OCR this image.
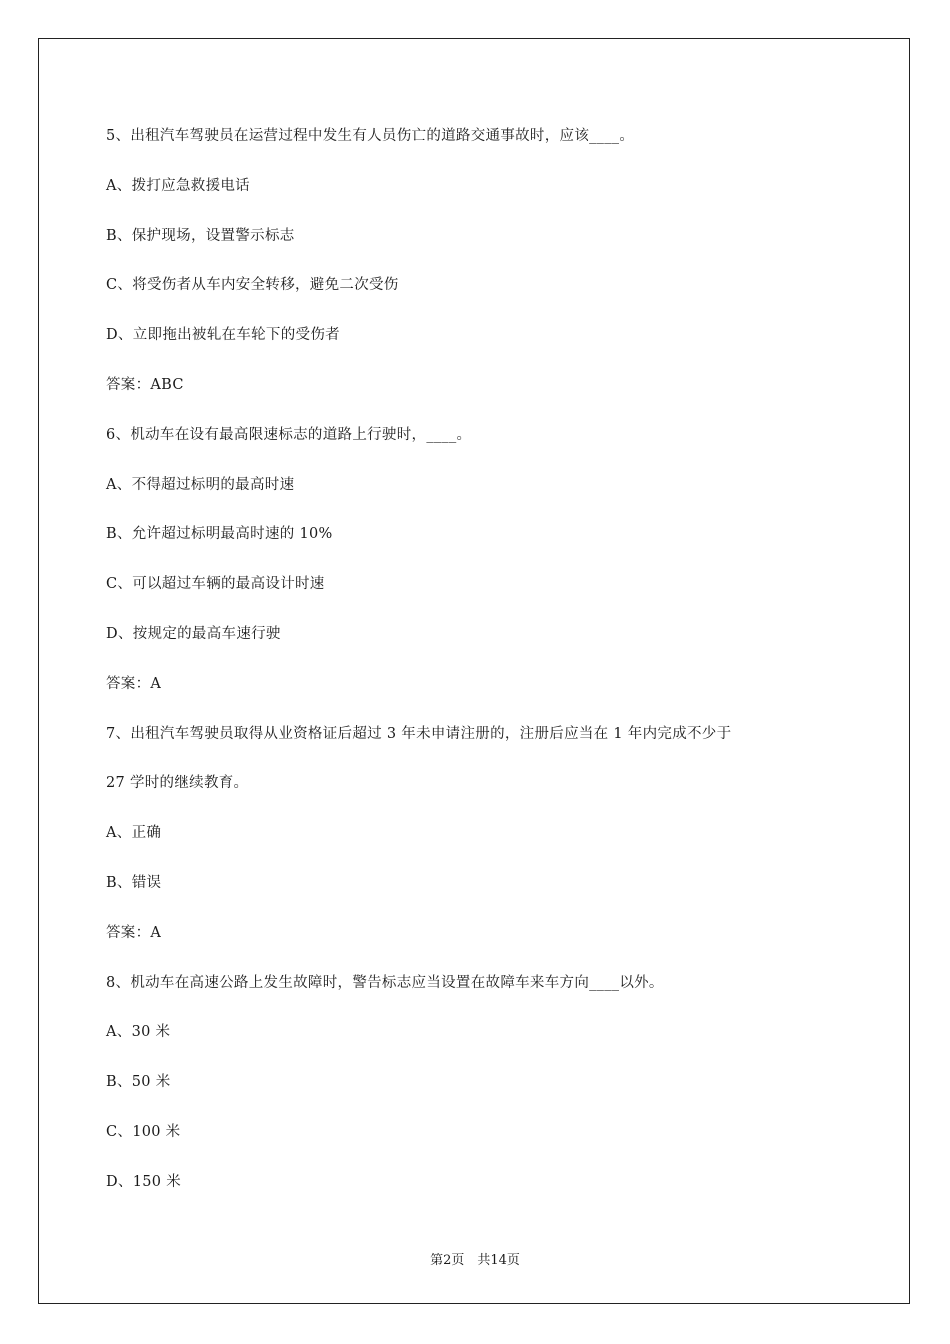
第2页　共14页
5、出租汽车驾驶员在运营过程中发生有人员伤亡的道路交通事故时，应该____。
A、拨打应急救援电话
B、保护现场，设置警示标志
C、将受伤者从车内安全转移，避免二次受伤
D、立即拖出被轧在车轮下的受伤者
答案：ABC
6、机动车在设有最高限速标志的道路上行驶时，____。
A、不得超过标明的最高时速
B、允许超过标明最高时速的 10%
C、可以超过车辆的最高设计时速
D、按规定的最高车速行驶
答案：A
7、出租汽车驾驶员取得从业资格证后超过 3 年未申请注册的，注册后应当在 1 年内完成不少于
27 学时的继续教育。
A、正确
B、错误
答案：A
8、机动车在高速公路上发生故障时，警告标志应当设置在故障车来车方向____以外。
A、30 米
B、50 米
C、100 米
D、150 米
